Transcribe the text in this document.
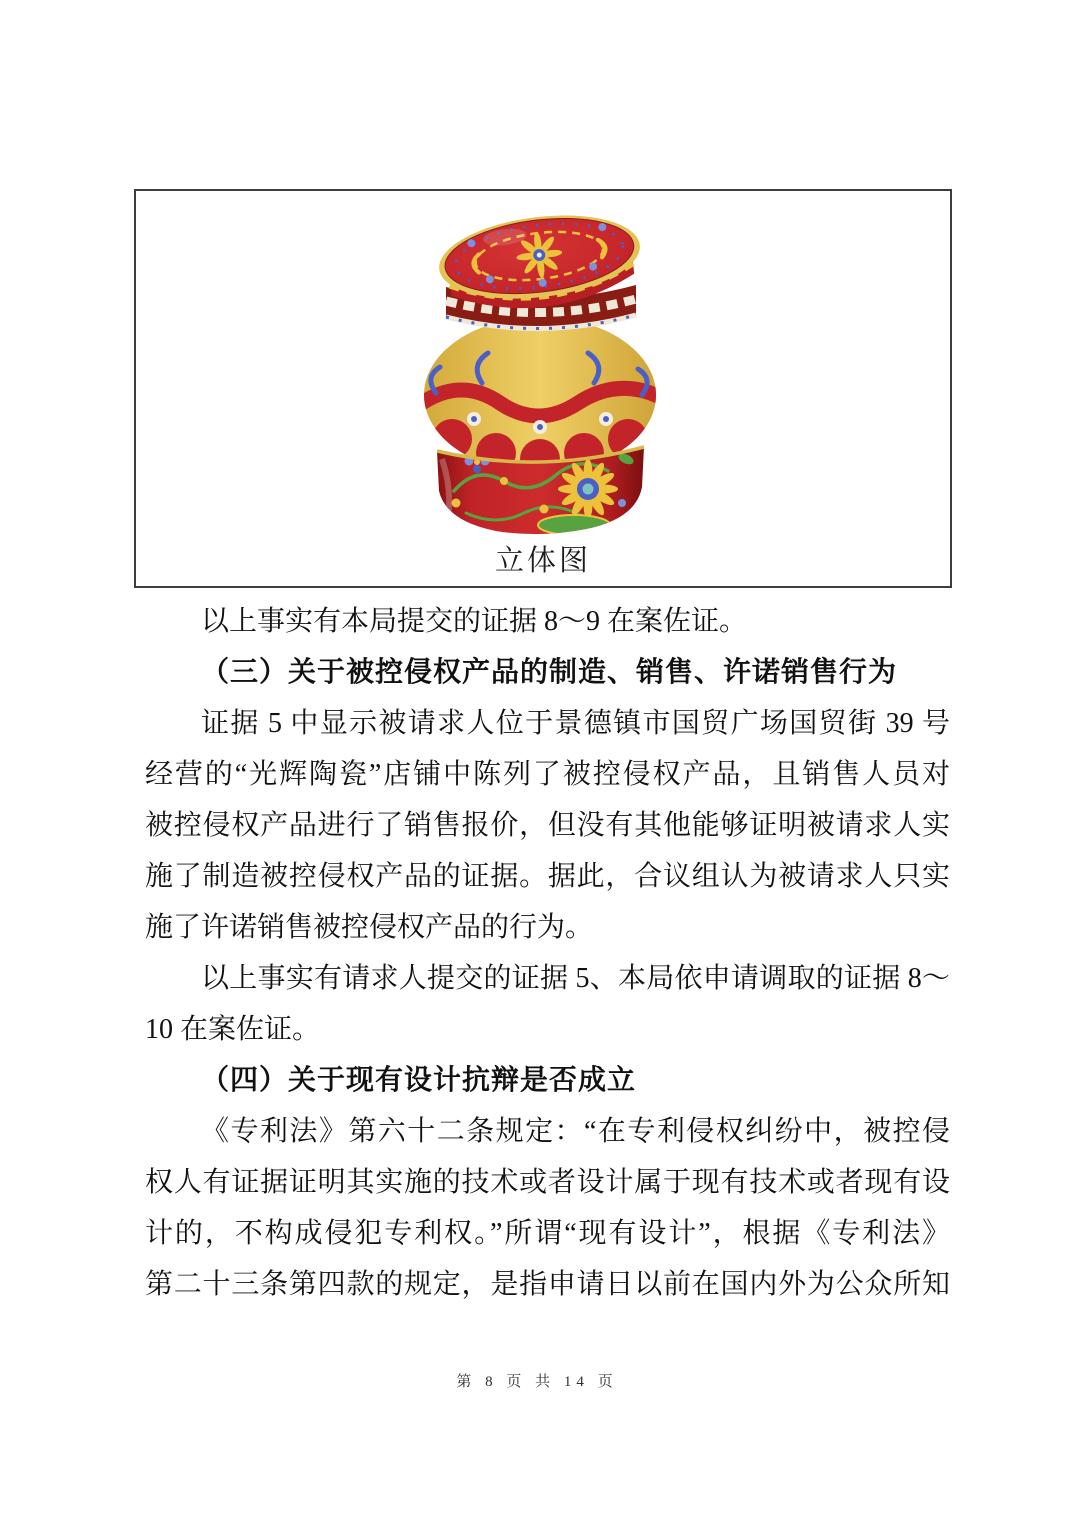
立体图

以上事实有本局提交的证据 8～9 在案佐证。

（三）关于被控侵权产品的制造、销售、许诺销售行为

证据 5 中显示被请求人位于景德镇市国贸广场国贸街 39 号

经营的“光辉陶瓷”店铺中陈列了被控侵权产品，且销售人员对

被控侵权产品进行了销售报价，但没有其他能够证明被请求人实

施了制造被控侵权产品的证据。据此，合议组认为被请求人只实

施了许诺销售被控侵权产品的行为。

以上事实有请求人提交的证据 5、本局依申请调取的证据 8～

10 在案佐证。

（四）关于现有设计抗辩是否成立

《专利法》第六十二条规定：“在专利侵权纠纷中，被控侵

权人有证据证明其实施的技术或者设计属于现有技术或者现有设

计的，不构成侵犯专利权。”所谓“现有设计”，根据《专利法》

第二十三条第四款的规定，是指申请日以前在国内外为公众所知

第 8 页 共 14 页
